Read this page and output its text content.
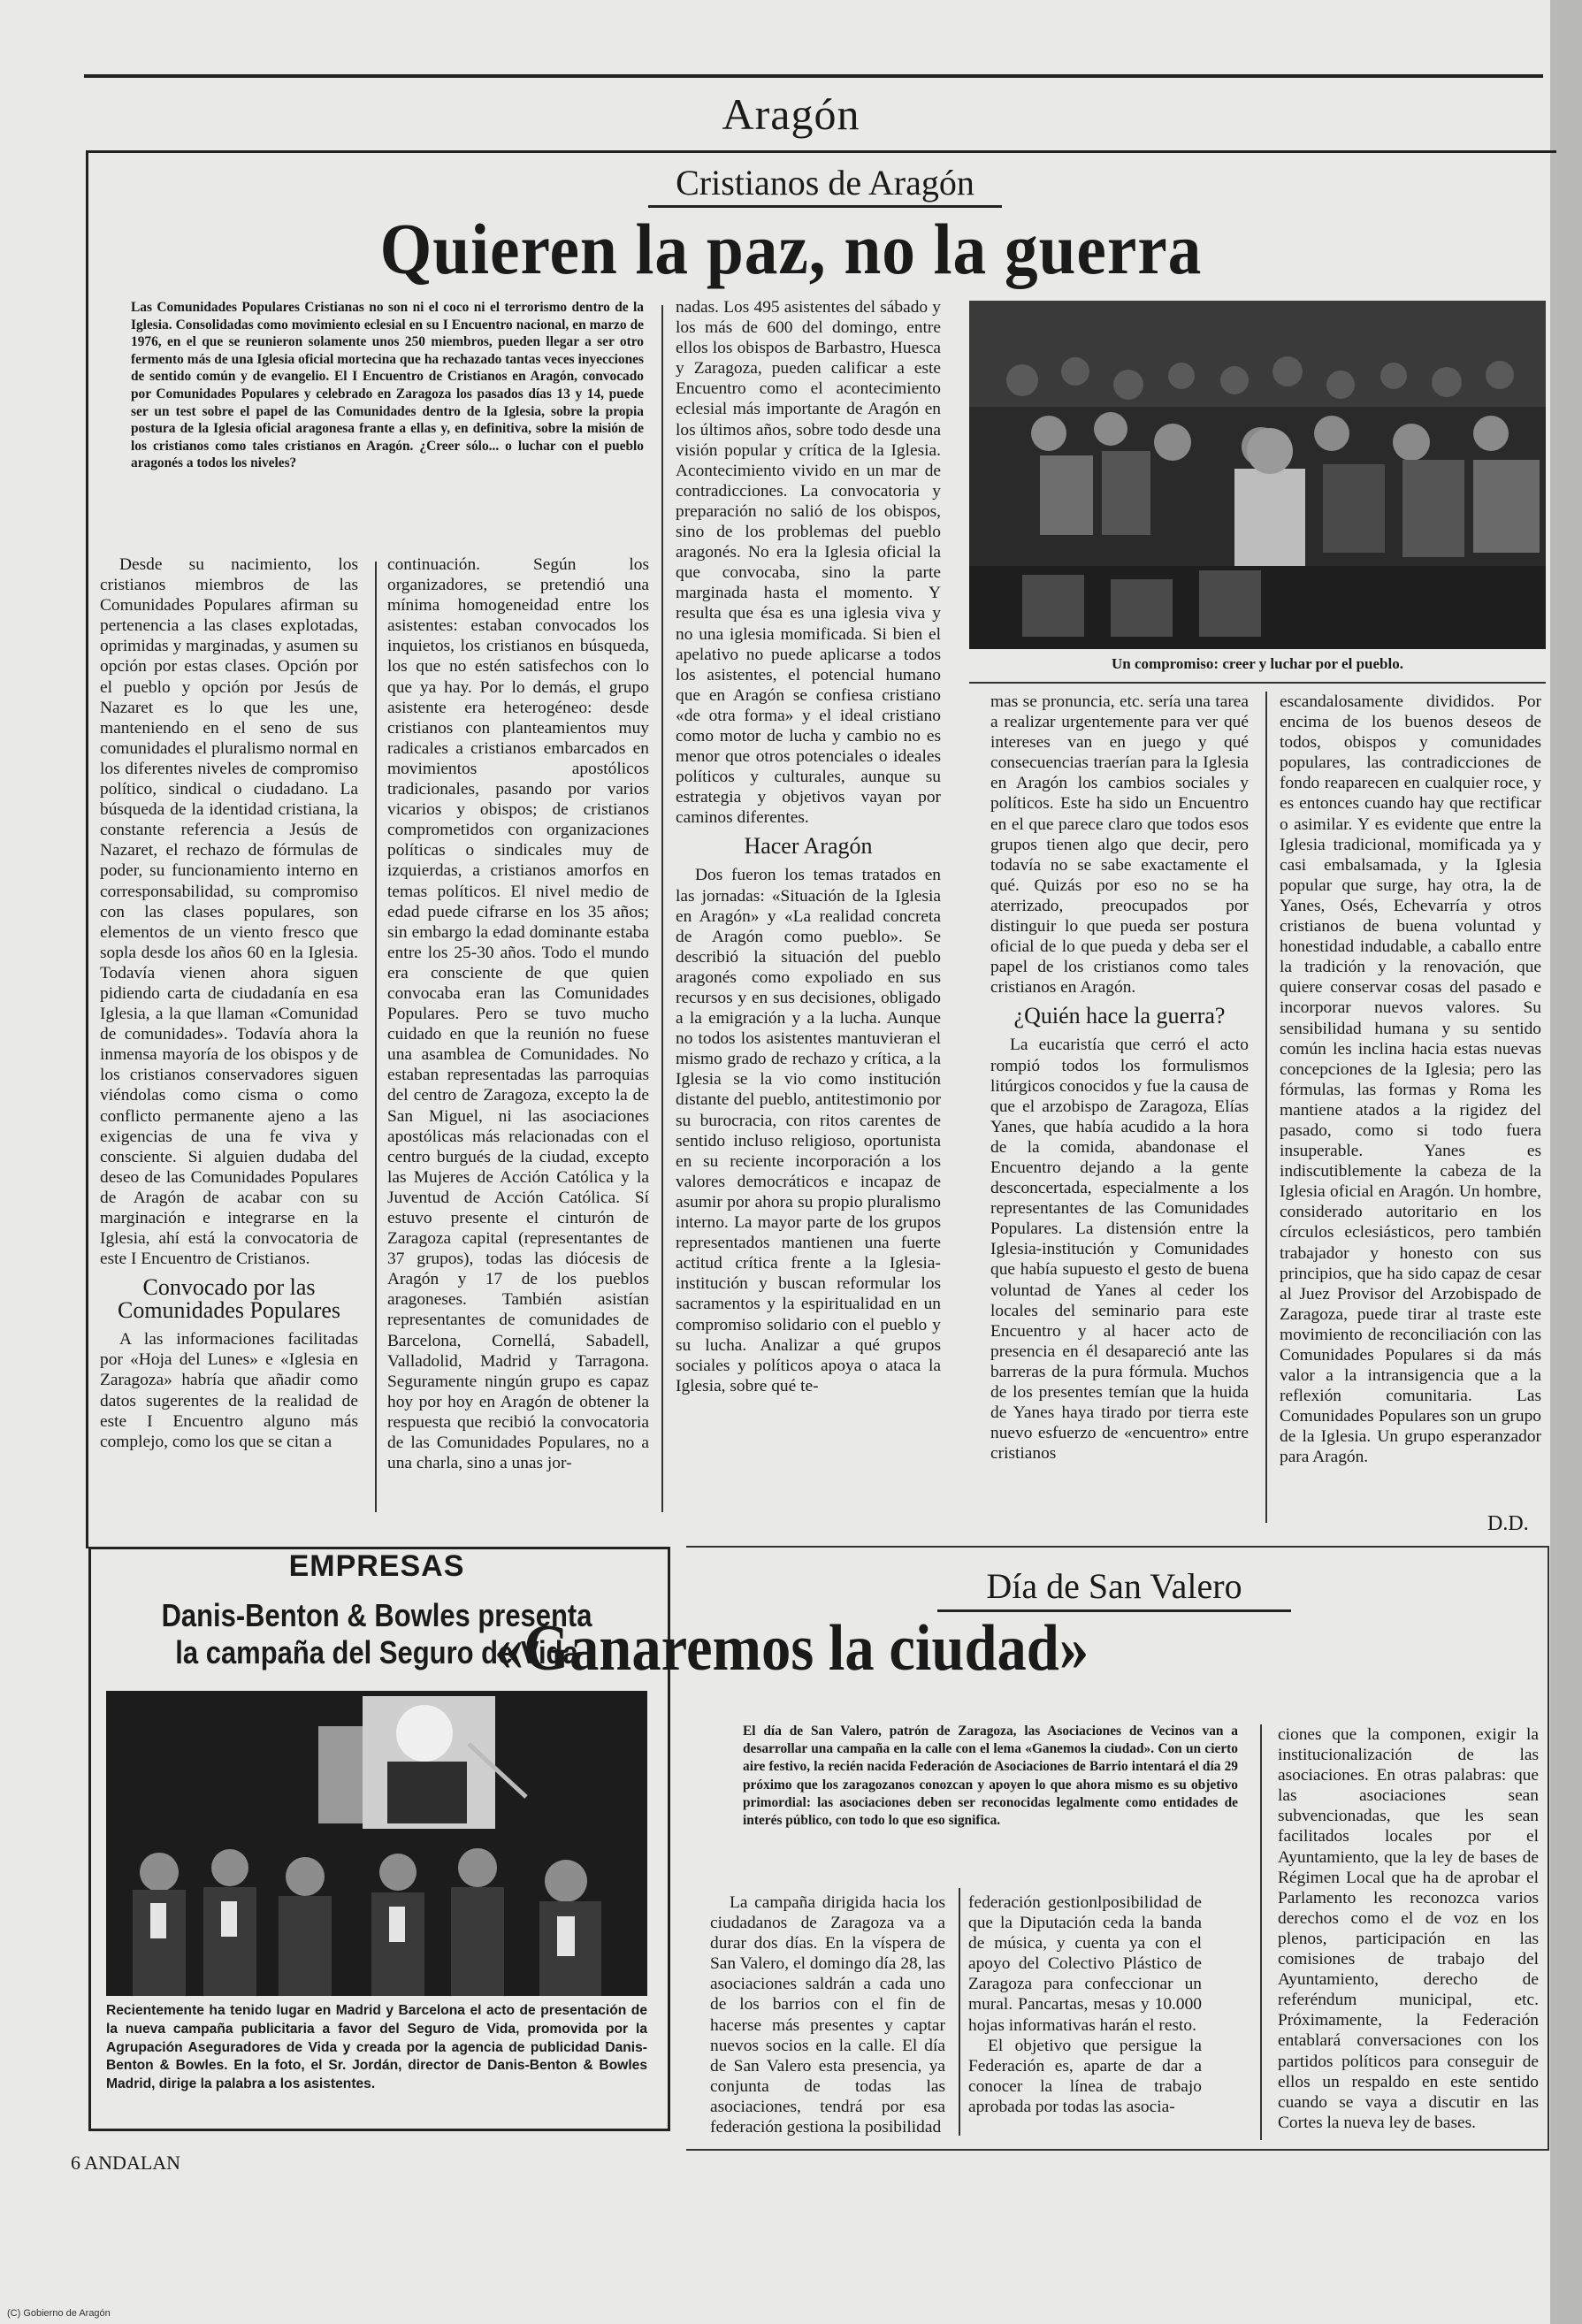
Aragón
Cristianos de Aragón
Quieren la paz, no la guerra
Las Comunidades Populares Cristianas no son ni el coco ni el terrorismo dentro de la Iglesia. Consolidadas como movimiento eclesial en su I Encuentro nacional, en marzo de 1976, en el que se reunieron solamente unos 250 miembros, pueden llegar a ser otro fermento más de una Iglesia oficial mortecina que ha rechazado tantas veces inyecciones de sentido común y de evangelio. El I Encuentro de Cristianos en Aragón, convocado por Comunidades Populares y celebrado en Zaragoza los pasados días 13 y 14, puede ser un test sobre el papel de las Comunidades dentro de la Iglesia, sobre la propia postura de la Iglesia oficial aragonesa frante a ellas y, en definitiva, sobre la misión de los cristianos como tales cristianos en Aragón. ¿Creer sólo... o luchar con el pueblo aragonés a todos los niveles?

Desde su nacimiento, los cristianos miembros de las Comunidades Populares afirman su pertenencia a las clases explotadas, oprimidas y marginadas, y asumen su opción por estas clases. Opción por el pueblo y opción por Jesús de Nazaret es lo que les une, manteniendo en el seno de sus comunidades el pluralismo normal en los diferentes niveles de compromiso político, sindical o ciudadano. La búsqueda de la identidad cristiana, la constante referencia a Jesús de Nazaret, el rechazo de fórmulas de poder, su funcionamiento interno en corresponsabilidad, su compromiso con las clases populares, son elementos de un viento fresco que sopla desde los años 60 en la Iglesia. Todavía vienen ahora siguen pidiendo carta de ciudadanía en esa Iglesia, a la que llaman «Comunidad de comunidades». Todavía ahora la inmensa mayoría de los obispos y de los cristianos conservadores siguen viéndolas como cisma o como conflicto permanente ajeno a las exigencias de una fe viva y consciente. Si alguien dudaba del deseo de las Comunidades Populares de Aragón de acabar con su marginación e integrarse en la Iglesia, ahí está la convocatoria de este I Encuentro de Cristianos.

Convocado por las Comunidades Populares

A las informaciones facilitadas por «Hoja del Lunes» e «Iglesia en Zaragoza» habría que añadir como datos sugerentes de la realidad de este I Encuentro alguno más complejo, como los que se citan a

continuación. Según los organizadores, se pretendió una mínima homogeneidad entre los asistentes: estaban convocados los inquietos, los cristianos en búsqueda, los que no estén satisfechos con lo que ya hay. Por lo demás, el grupo asistente era heterogéneo: desde cristianos con planteamientos muy radicales a cristianos embarcados en movimientos apostólicos tradicionales, pasando por varios vicarios y obispos; de cristianos comprometidos con organizaciones políticas o sindicales muy de izquierdas, a cristianos amorfos en temas políticos. El nivel medio de edad puede cifrarse en los 35 años; sin embargo la edad dominante estaba entre los 25-30 años. Todo el mundo era consciente de que quien convocaba eran las Comunidades Populares. Pero se tuvo mucho cuidado en que la reunión no fuese una asamblea de Comunidades. No estaban representadas las parroquias del centro de Zaragoza, excepto la de San Miguel, ni las asociaciones apostólicas más relacionadas con el centro burgués de la ciudad, excepto las Mujeres de Acción Católica y la Juventud de Acción Católica. Sí estuvo presente el cinturón de Zaragoza capital (representantes de 37 grupos), todas las diócesis de Aragón y 17 de los pueblos aragoneses. También asistían representantes de comunidades de Barcelona, Cornellá, Sabadell, Valladolid, Madrid y Tarragona. Seguramente ningún grupo es capaz hoy por hoy en Aragón de obtener la respuesta que recibió la convocatoria de las Comunidades Populares, no a una charla, sino a unas jor-

nadas. Los 495 asistentes del sábado y los más de 600 del domingo, entre ellos los obispos de Barbastro, Huesca y Zaragoza, pueden calificar a este Encuentro como el acontecimiento eclesial más importante de Aragón en los últimos años, sobre todo desde una visión popular y crítica de la Iglesia. Acontecimiento vivido en un mar de contradicciones. La convocatoria y preparación no salió de los obispos, sino de los problemas del pueblo aragonés. No era la Iglesia oficial la que convocaba, sino la parte marginada hasta el momento. Y resulta que ésa es una iglesia viva y no una iglesia momificada. Si bien el apelativo no puede aplicarse a todos los asistentes, el potencial humano que en Aragón se confiesa cristiano «de otra forma» y el ideal cristiano como motor de lucha y cambio no es menor que otros potenciales o ideales políticos y culturales, aunque su estrategia y objetivos vayan por caminos diferentes.

Hacer Aragón

Dos fueron los temas tratados en las jornadas: «Situación de la Iglesia en Aragón» y «La realidad concreta de Aragón como pueblo». Se describió la situación del pueblo aragonés como expoliado en sus recursos y en sus decisiones, obligado a la emigración y a la lucha. Aunque no todos los asistentes mantuvieran el mismo grado de rechazo y crítica, a la Iglesia se la vio como institución distante del pueblo, antitestimonio por su burocracia, con ritos carentes de sentido incluso religioso, oportunista en su reciente incorporación a los valores democráticos e incapaz de asumir por ahora su propio pluralismo interno. La mayor parte de los grupos representados mantienen una fuerte actitud crítica frente a la Iglesia-institución y buscan reformular los sacramentos y la espiritualidad en un compromiso solidario con el pueblo y su lucha. Analizar a qué grupos sociales y políticos apoya o ataca la Iglesia, sobre qué te-

Un compromiso: creer y luchar por el pueblo.

mas se pronuncia, etc. sería una tarea a realizar urgentemente para ver qué intereses van en juego y qué consecuencias traerían para la Iglesia en Aragón los cambios sociales y políticos. Este ha sido un Encuentro en el que parece claro que todos esos grupos tienen algo que decir, pero todavía no se sabe exactamente el qué. Quizás por eso no se ha aterrizado, preocupados por distinguir lo que pueda ser postura oficial de lo que pueda y deba ser el papel de los cristianos como tales cristianos en Aragón.

¿Quién hace la guerra?

La eucaristía que cerró el acto rompió todos los formulismos litúrgicos conocidos y fue la causa de que el arzobispo de Zaragoza, Elías Yanes, que había acudido a la hora de la comida, abandonase el Encuentro dejando a la gente desconcertada, especialmente a los representantes de las Comunidades Populares. La distensión entre la Iglesia-institución y Comunidades que había supuesto el gesto de buena voluntad de Yanes al ceder los locales del seminario para este Encuentro y al hacer acto de presencia en él desapareció ante las barreras de la pura fórmula. Muchos de los presentes temían que la huida de Yanes haya tirado por tierra este nuevo esfuerzo de «encuentro» entre cristianos

escandalosamente divididos. Por encima de los buenos deseos de todos, obispos y comunidades populares, las contradicciones de fondo reaparecen en cualquier roce, y es entonces cuando hay que rectificar o asimilar. Y es evidente que entre la Iglesia tradicional, momificada ya y casi embalsamada, y la Iglesia popular que surge, hay otra, la de Yanes, Osés, Echevarría y otros cristianos de buena voluntad y honestidad indudable, a caballo entre la tradición y la renovación, que quiere conservar cosas del pasado e incorporar nuevos valores. Su sensibilidad humana y su sentido común les inclina hacia estas nuevas concepciones de la Iglesia; pero las fórmulas, las formas y Roma les mantiene atados a la rigidez del pasado, como si todo fuera insuperable. Yanes es indiscutiblemente la cabeza de la Iglesia oficial en Aragón. Un hombre, considerado autoritario en los círculos eclesiásticos, pero también trabajador y honesto con sus principios, que ha sido capaz de cesar al Juez Provisor del Arzobispado de Zaragoza, puede tirar al traste este movimiento de reconciliación con las Comunidades Populares si da más valor a la intransigencia que a la reflexión comunitaria. Las Comunidades Populares son un grupo de la Iglesia. Un grupo esperanzador para Aragón.

D.D.
EMPRESAS
Danis-Benton & Bowles presenta
la campaña del Seguro de Vida
Recientemente ha tenido lugar en Madrid y Barcelona el acto de presentación de la nueva campaña publicitaria a favor del Seguro de Vida, promovida por la Agrupación Aseguradores de Vida y creada por la agencia de publicidad Danis-Benton & Bowles. En la foto, el Sr. Jordán, director de Danis-Benton & Bowles Madrid, dirige la palabra a los asistentes.
Día de San Valero
«Ganaremos la ciudad»
El día de San Valero, patrón de Zaragoza, las Asociaciones de Vecinos van a desarrollar una campaña en la calle con el lema «Ganemos la ciudad». Con un cierto aire festivo, la recién nacida Federación de Asociaciones de Barrio intentará el día 29 próximo que los zaragozanos conozcan y apoyen lo que ahora mismo es su objetivo primordial: las asociaciones deben ser reconocidas legalmente como entidades de interés público, con todo lo que eso significa.

La campaña dirigida hacia los ciudadanos de Zaragoza va a durar dos días. En la víspera de San Valero, el domingo día 28, las asociaciones saldrán a cada uno de los barrios con el fin de hacerse más presentes y captar nuevos socios en la calle. El día de San Valero esta presencia, ya conjunta de todas las asociaciones, tendrá por esa federación gestiona la posibilidad

federación gestionlposibilidad de que la Diputación ceda la banda de música, y cuenta ya con el apoyo del Colectivo Plástico de Zaragoza para confeccionar un mural. Pancartas, mesas y 10.000 hojas informativas harán el resto.

El objetivo que persigue la Federación es, aparte de dar a conocer la línea de trabajo aprobada por todas las asocia-

ciones que la componen, exigir la institucionalización de las asociaciones. En otras palabras: que las asociaciones sean subvencionadas, que les sean facilitados locales por el Ayuntamiento, que la ley de bases de Régimen Local que ha de aprobar el Parlamento les reconozca varios derechos como el de voz en los plenos, participación en las comisiones de trabajo del Ayuntamiento, derecho de referéndum municipal, etc. Próximamente, la Federación entablará conversaciones con los partidos políticos para conseguir de ellos un respaldo en este sentido cuando se vaya a discutir en las Cortes la nueva ley de bases.

6 ANDALAN
(C) Gobierno de Aragón
